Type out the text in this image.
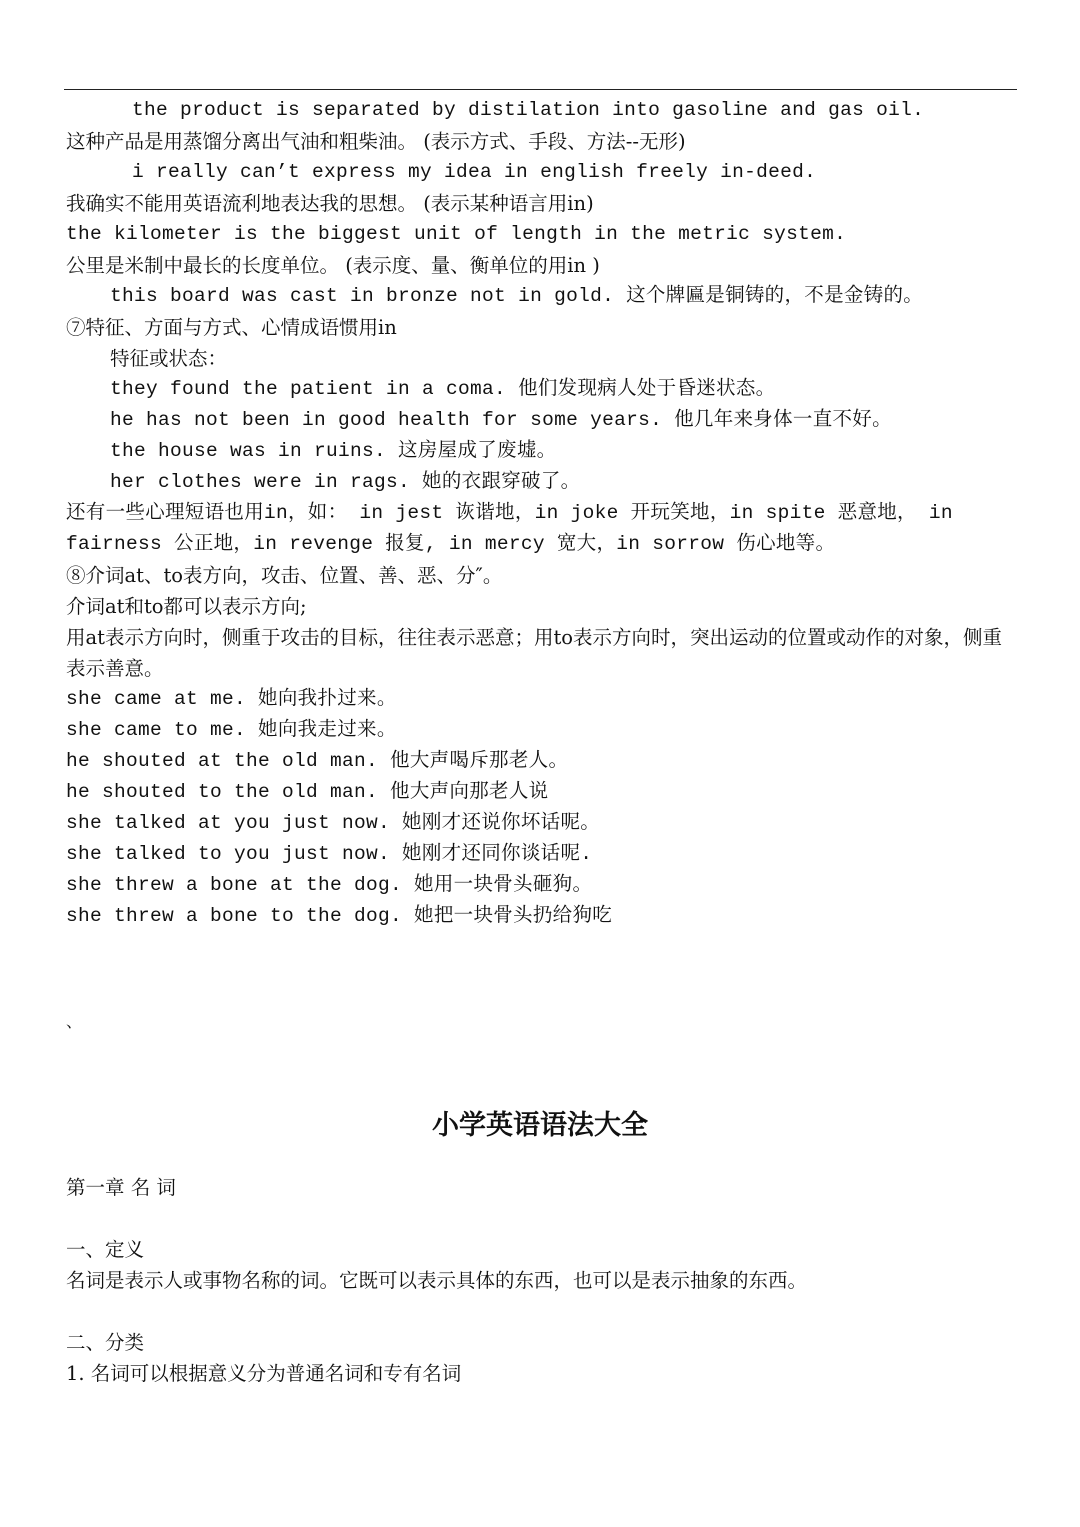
the product is separated by distilation into gasoline and gas oil.
这种产品是用蒸馏分离出气油和粗柴油。 (表示方式、手段、方法--无形)
i really can’t express my idea in english freely in-deed.
我确实不能用英语流利地表达我的思想。 (表示某种语言用in)
the kilometer is the biggest unit of length in the metric system.
公里是米制中最长的长度单位。 (表示度、量、衡单位的用in )
this board was cast in bronze not in gold. 这个牌匾是铜铸的，不是金铸的。
⑦特征、方面与方式、心情成语惯用in
特征或状态：
they found the patient in a coma. 他们发现病人处于昏迷状态。
he has not been in good health for some years. 他几年来身体一直不好。
the house was in ruins. 这房屋成了废墟。
her clothes were in rags. 她的衣跟穿破了。
还有一些心理短语也用in，如： in jest 诙谐地，in joke 开玩笑地，in spite 恶意地， in fairness 公正地，in revenge 报复, in mercy 宽大，in sorrow 伤心地等。
⑧介词at、to表方向，攻击、位置、善、恶、分″。
介词at和to都可以表示方向;
用at表示方向时，侧重于攻击的目标，往往表示恶意；用to表示方向时，突出运动的位置或动作的对象，侧重表示善意。
she came at me. 她向我扑过来。
she came to me. 她向我走过来。
he shouted at the old man. 他大声喝斥那老人。
he shouted to the old man. 他大声向那老人说
she talked at you just now. 她刚才还说你坏话呢。
she talked to you just now. 她刚才还同你谈话呢.
she threw a bone at the dog. 她用一块骨头砸狗。
she threw a bone to the dog. 她把一块骨头扔给狗吃
、
小学英语语法大全
第一章 名 词
一、定义
名词是表示人或事物名称的词。它既可以表示具体的东西，也可以是表示抽象的东西。
二、分类
1. 名词可以根据意义分为普通名词和专有名词
